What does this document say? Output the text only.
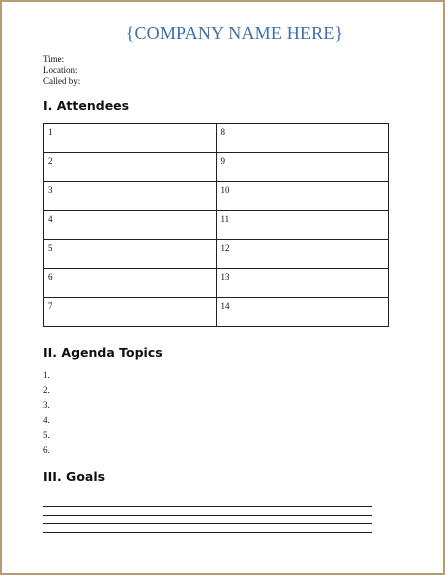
{COMPANY NAME HERE}
Time:
Location:
Called by:
I. Attendees
1	8
2	9
3	10
4	11
5	12
6	13
7	14
II. Agenda Topics
1.
2.
3.
4.
5.
6.
III. Goals
